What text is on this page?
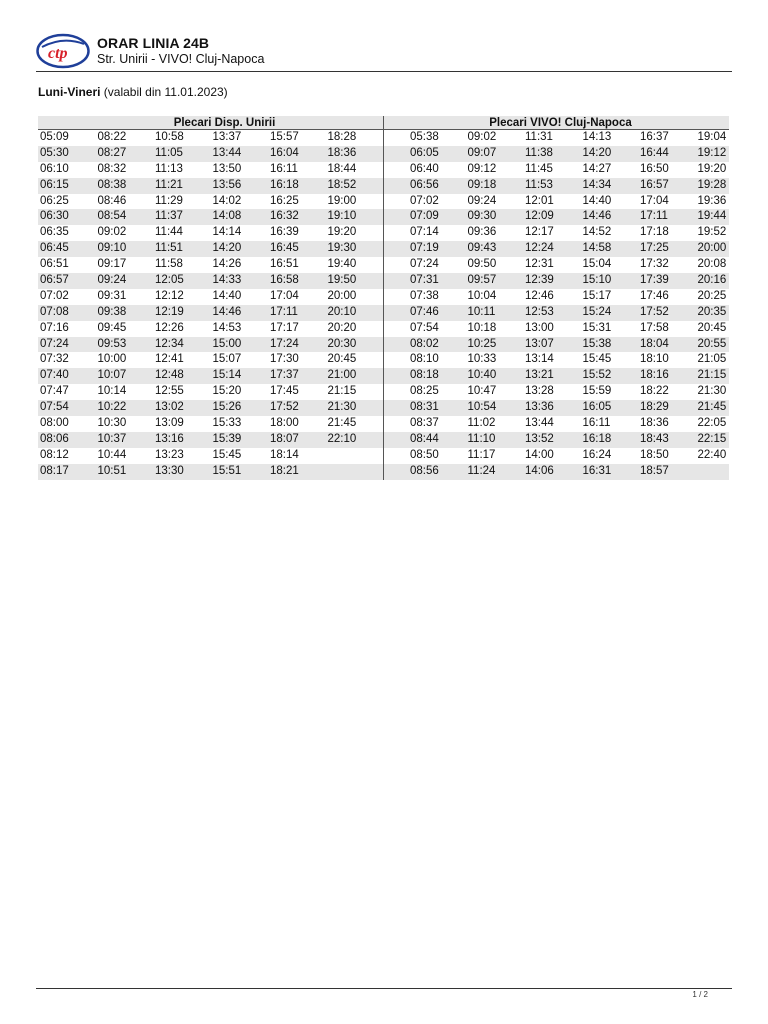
ctp
ORAR LINIA 24B
Str. Unirii - VIVO! Cluj-Napoca
Luni-Vineri (valabil din 11.01.2023)
Plecari Disp. Unirii
05:09	08:22	10:58	13:37	15:57	18:28
05:30	08:27	11:05	13:44	16:04	18:36
06:10	08:32	11:13	13:50	16:11	18:44
06:15	08:38	11:21	13:56	16:18	18:52
06:25	08:46	11:29	14:02	16:25	19:00
06:30	08:54	11:37	14:08	16:32	19:10
06:35	09:02	11:44	14:14	16:39	19:20
06:45	09:10	11:51	14:20	16:45	19:30
06:51	09:17	11:58	14:26	16:51	19:40
06:57	09:24	12:05	14:33	16:58	19:50
07:02	09:31	12:12	14:40	17:04	20:00
07:08	09:38	12:19	14:46	17:11	20:10
07:16	09:45	12:26	14:53	17:17	20:20
07:24	09:53	12:34	15:00	17:24	20:30
07:32	10:00	12:41	15:07	17:30	20:45
07:40	10:07	12:48	15:14	17:37	21:00
07:47	10:14	12:55	15:20	17:45	21:15
07:54	10:22	13:02	15:26	17:52	21:30
08:00	10:30	13:09	15:33	18:00	21:45
08:06	10:37	13:16	15:39	18:07	22:10
08:12	10:44	13:23	15:45	18:14
08:17	10:51	13:30	15:51	18:21
Plecari VIVO! Cluj-Napoca
05:38	09:02	11:31	14:13	16:37	19:04
06:05	09:07	11:38	14:20	16:44	19:12
06:40	09:12	11:45	14:27	16:50	19:20
06:56	09:18	11:53	14:34	16:57	19:28
07:02	09:24	12:01	14:40	17:04	19:36
07:09	09:30	12:09	14:46	17:11	19:44
07:14	09:36	12:17	14:52	17:18	19:52
07:19	09:43	12:24	14:58	17:25	20:00
07:24	09:50	12:31	15:04	17:32	20:08
07:31	09:57	12:39	15:10	17:39	20:16
07:38	10:04	12:46	15:17	17:46	20:25
07:46	10:11	12:53	15:24	17:52	20:35
07:54	10:18	13:00	15:31	17:58	20:45
08:02	10:25	13:07	15:38	18:04	20:55
08:10	10:33	13:14	15:45	18:10	21:05
08:18	10:40	13:21	15:52	18:16	21:15
08:25	10:47	13:28	15:59	18:22	21:30
08:31	10:54	13:36	16:05	18:29	21:45
08:37	11:02	13:44	16:11	18:36	22:05
08:44	11:10	13:52	16:18	18:43	22:15
08:50	11:17	14:00	16:24	18:50	22:40
08:56	11:24	14:06	16:31	18:57
1 / 2
